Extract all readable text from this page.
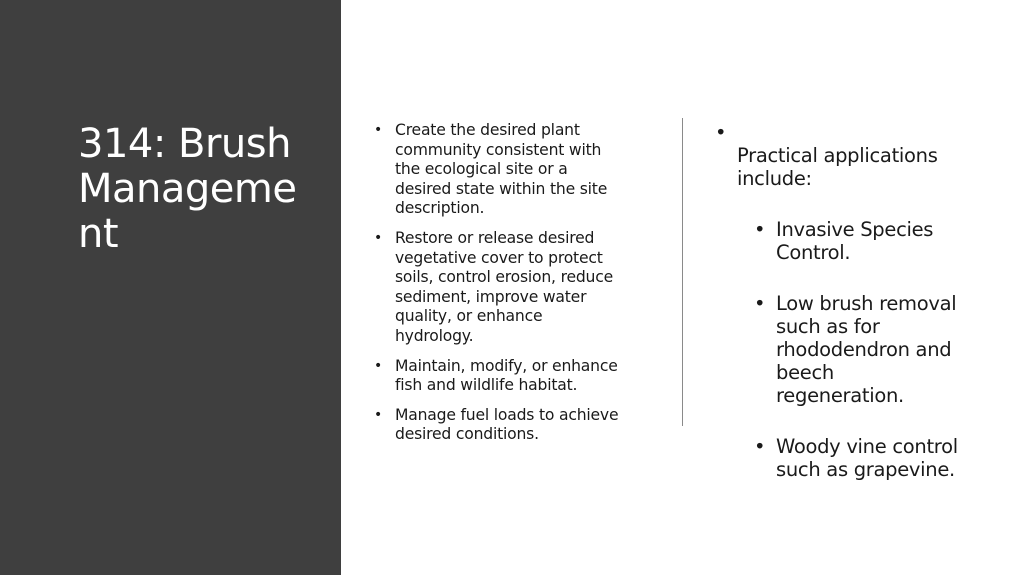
314: Brush
Manageme
nt
• Create the desired plant
community consistent with
the ecological site or a
desired state within the site
description.
• Restore or release desired
vegetative cover to protect
soils, control erosion, reduce
sediment, improve water
quality, or enhance
hydrology.
• Maintain, modify, or enhance
fish and wildlife habitat.
• Manage fuel loads to achieve
desired conditions.

• Practical applications
include:

• Invasive Species
Control.

• Low brush removal
such as for
rhododendron and
beech
regeneration.

• Woody vine control
such as grapevine.
